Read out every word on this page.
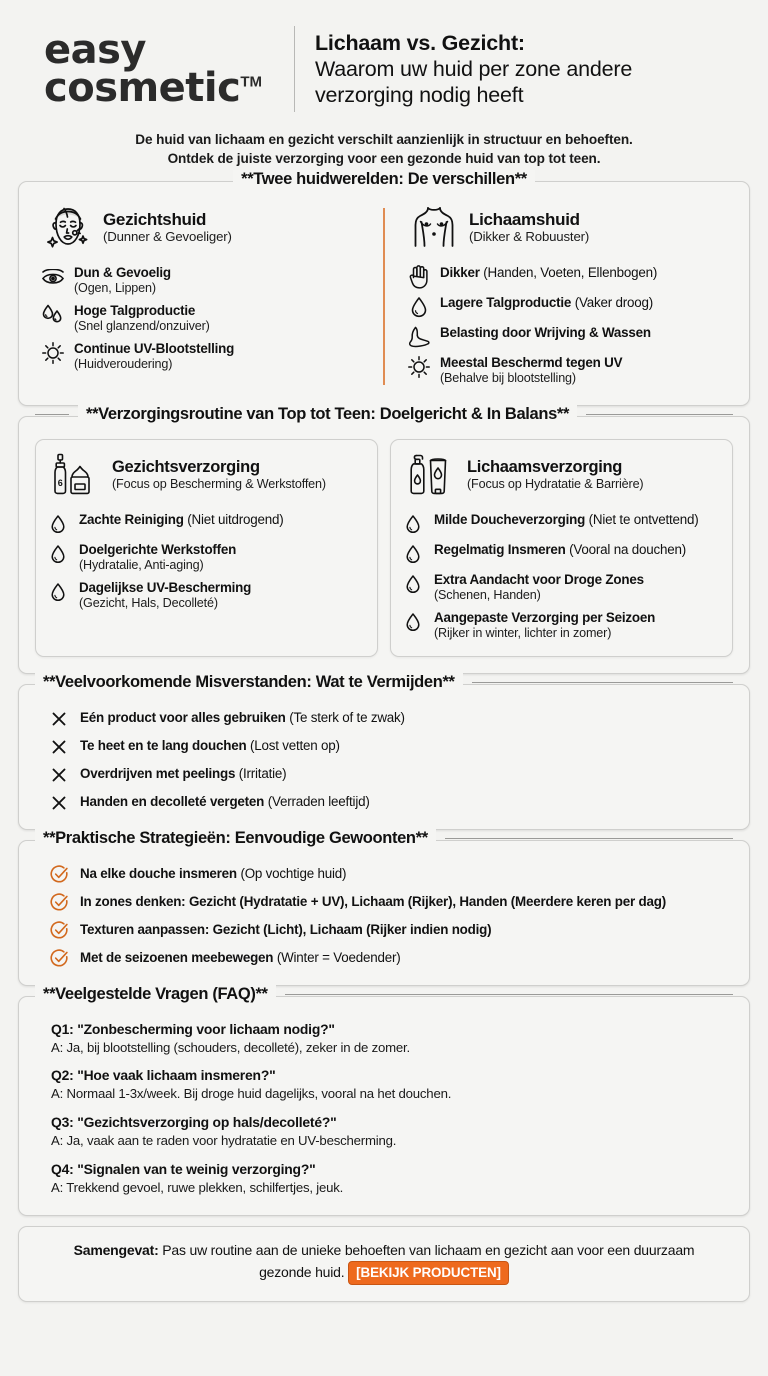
easy
cosmetic™
Lichaam vs. Gezicht:
Waarom uw huid per zone andere
verzorging nodig heeft
De huid van lichaam en gezicht verschilt aanzienlijk in structuur en behoeften.
Ontdek de juiste verzorging voor een gezonde huid van top tot teen.
**Twee huidwerelden: De verschillen**
Gezichtshuid
(Dunner & Gevoeliger)
Dun & Gevoelig
(Ogen, Lippen)
Hoge Talgproductie
(Snel glanzend/onzuiver)
Continue UV-Blootstelling
(Huidveroudering)
Lichaamshuid
(Dikker & Robuuster)
Dikker (Handen, Voeten, Ellenbogen)
Lagere Talgproductie (Vaker droog)
Belasting door Wrijving & Wassen
Meestal Beschermd tegen UV
(Behalve bij blootstelling)
**Verzorgingsroutine van Top tot Teen: Doelgericht & In Balans**
6
Gezichtsverzorging
(Focus op Bescherming & Werkstoffen)
Zachte Reiniging (Niet uitdrogend)
Doelgerichte Werkstoffen
(Hydratalie, Anti-aging)
Dagelijkse UV-Bescherming
(Gezicht, Hals, Decolleté)
Lichaamsverzorging
(Focus op Hydratatie & Barrière)
Milde Doucheverzorging (Niet te ontvettend)
Regelmatig Insmeren (Vooral na douchen)
Extra Aandacht voor Droge Zones
(Schenen, Handen)
Aangepaste Verzorging per Seizoen
(Rijker in winter, lichter in zomer)
**Veelvoorkomende Misverstanden: Wat te Vermijden**
Eén product voor alles gebruiken (Te sterk of te zwak)
Te heet en te lang douchen (Lost vetten op)
Overdrijven met peelings (Irritatie)
Handen en decolleté vergeten (Verraden leeftijd)
**Praktische Strategieën: Eenvoudige Gewoonten**
Na elke douche insmeren (Op vochtige huid)
In zones denken: Gezicht (Hydratatie + UV), Lichaam (Rijker), Handen (Meerdere keren per dag)
Texturen aanpassen: Gezicht (Licht), Lichaam (Rijker indien nodig)
Met de seizoenen meebewegen (Winter = Voedender)
**Veelgestelde Vragen (FAQ)**
Q1: "Zonbescherming voor lichaam nodig?"
A: Ja, bij blootstelling (schouders, decolleté), zeker in de zomer.
Q2: "Hoe vaak lichaam insmeren?"
A: Normaal 1-3x/week. Bij droge huid dagelijks, vooral na het douchen.
Q3: "Gezichtsverzorging op hals/decolleté?"
A: Ja, vaak aan te raden voor hydratatie en UV-bescherming.
Q4: "Signalen van te weinig verzorging?"
A: Trekkend gevoel, ruwe plekken, schilfertjes, jeuk.
Samengevat: Pas uw routine aan de unieke behoeften van lichaam en gezicht aan voor een duurzaam gezonde huid. [BEKIJK PRODUCTEN]
